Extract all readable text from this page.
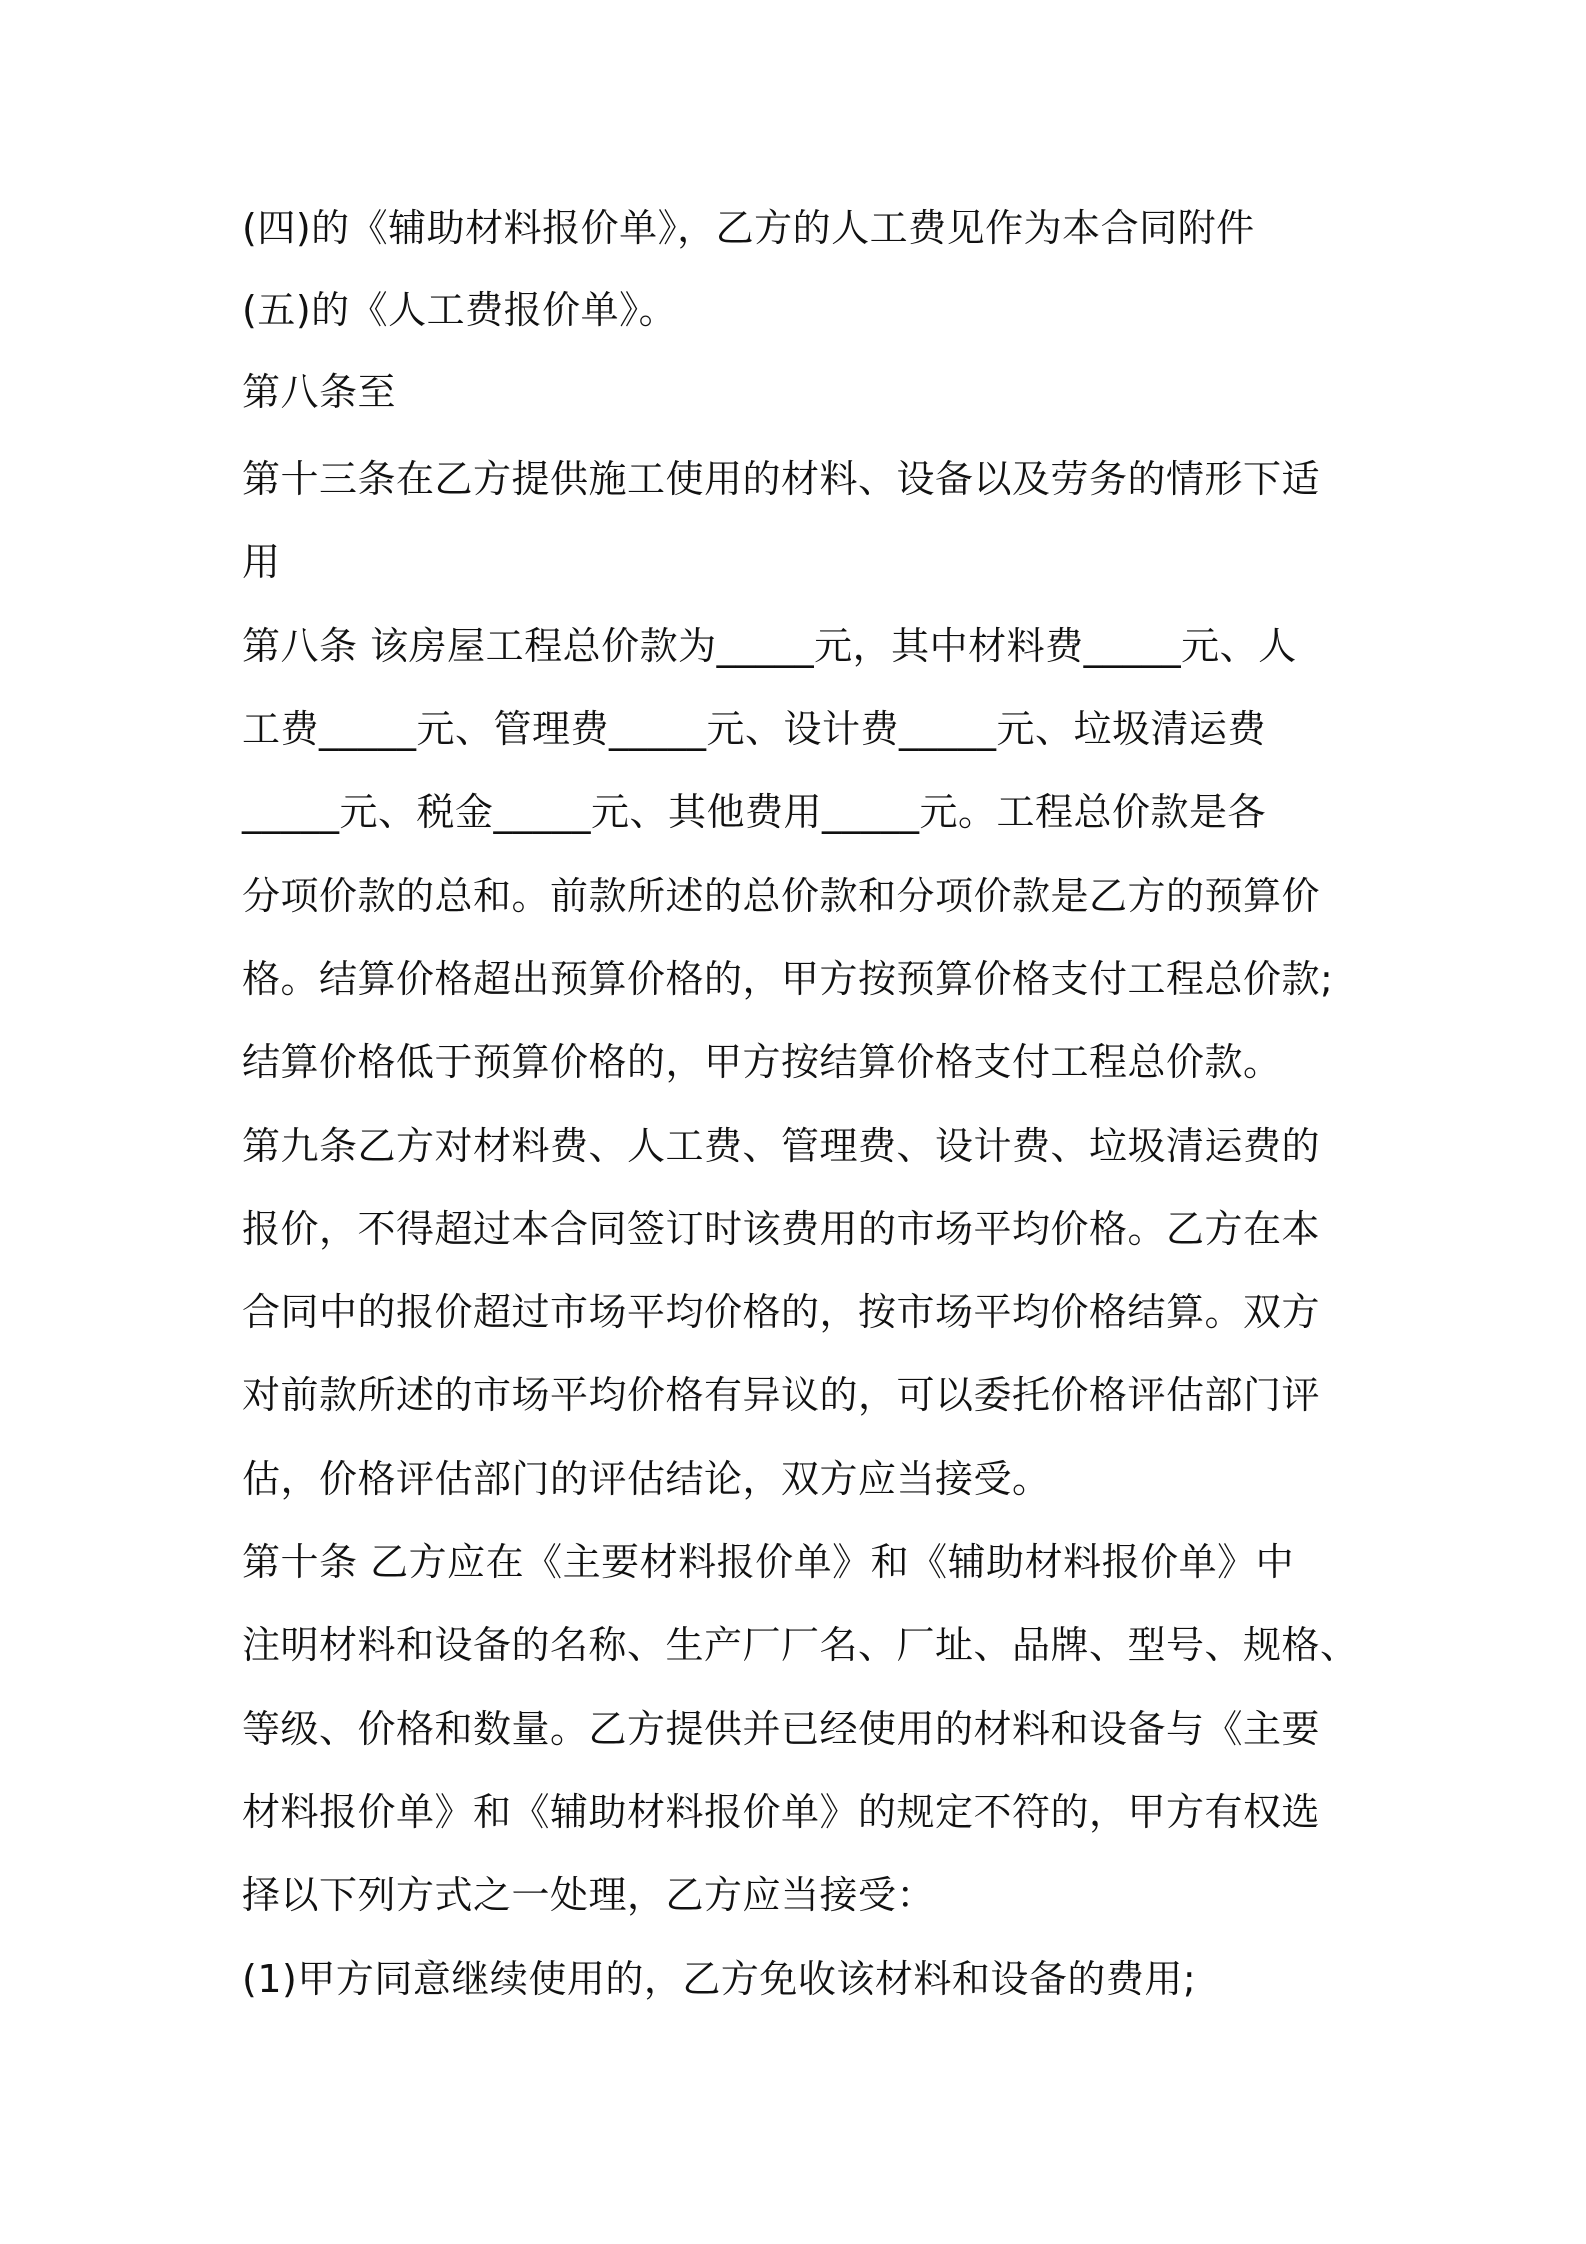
(四)的《辅助材料报价单》，乙方的人工费见作为本合同附件
(五)的《人工费报价单》。
第八条至
第十三条在乙方提供施工使用的材料、设备以及劳务的情形下适
用
第八条 该房屋工程总价款为_____元，其中材料费_____元、人
工费_____元、管理费_____元、设计费_____元、垃圾清运费
_____元、税金_____元、其他费用_____元。工程总价款是各
分项价款的总和。前款所述的总价款和分项价款是乙方的预算价
格。结算价格超出预算价格的，甲方按预算价格支付工程总价款;
结算价格低于预算价格的，甲方按结算价格支付工程总价款。
第九条乙方对材料费、人工费、管理费、设计费、垃圾清运费的
报价，不得超过本合同签订时该费用的市场平均价格。乙方在本
合同中的报价超过市场平均价格的，按市场平均价格结算。双方
对前款所述的市场平均价格有异议的，可以委托价格评估部门评
估，价格评估部门的评估结论，双方应当接受。
第十条 乙方应在《主要材料报价单》和《辅助材料报价单》中
注明材料和设备的名称、生产厂厂名、厂址、品牌、型号、规格、
等级、价格和数量。乙方提供并已经使用的材料和设备与《主要
材料报价单》和《辅助材料报价单》的规定不符的，甲方有权选
择以下列方式之一处理，乙方应当接受：
(1)甲方同意继续使用的，乙方免收该材料和设备的费用;
